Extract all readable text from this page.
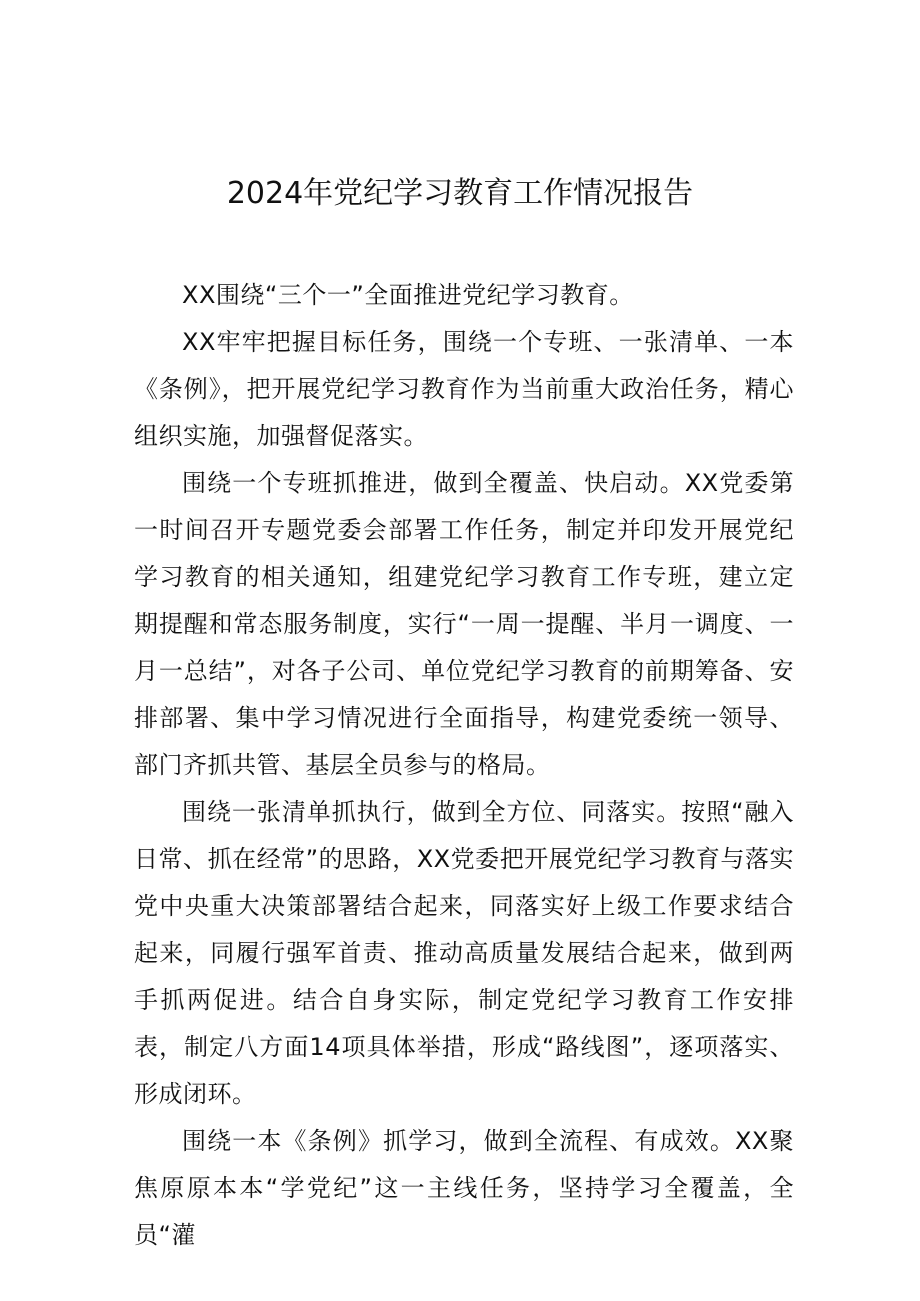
2024年党纪学习教育工作情况报告

XX围绕“三个一”全面推进党纪学习教育。

XX牢牢把握目标任务，围绕一个专班、一张清单、一本《条例》，把开展党纪学习教育作为当前重大政治任务，精心组织实施，加强督促落实。

围绕一个专班抓推进，做到全覆盖、快启动。XX党委第一时间召开专题党委会部署工作任务，制定并印发开展党纪学习教育的相关通知，组建党纪学习教育工作专班，建立定期提醒和常态服务制度，实行“一周一提醒、半月一调度、一月一总结”，对各子公司、单位党纪学习教育的前期筹备、安排部署、集中学习情况进行全面指导，构建党委统一领导、部门齐抓共管、基层全员参与的格局。

围绕一张清单抓执行，做到全方位、同落实。按照“融入日常、抓在经常”的思路，XX党委把开展党纪学习教育与落实党中央重大决策部署结合起来，同落实好上级工作要求结合起来，同履行强军首责、推动高质量发展结合起来，做到两手抓两促进。结合自身实际，制定党纪学习教育工作安排表，制定八方面14项具体举措，形成“路线图”，逐项落实、形成闭环。

围绕一本《条例》抓学习，做到全流程、有成效。XX聚焦原原本本“学党纪”这一主线任务，坚持学习全覆盖，全员“灌
